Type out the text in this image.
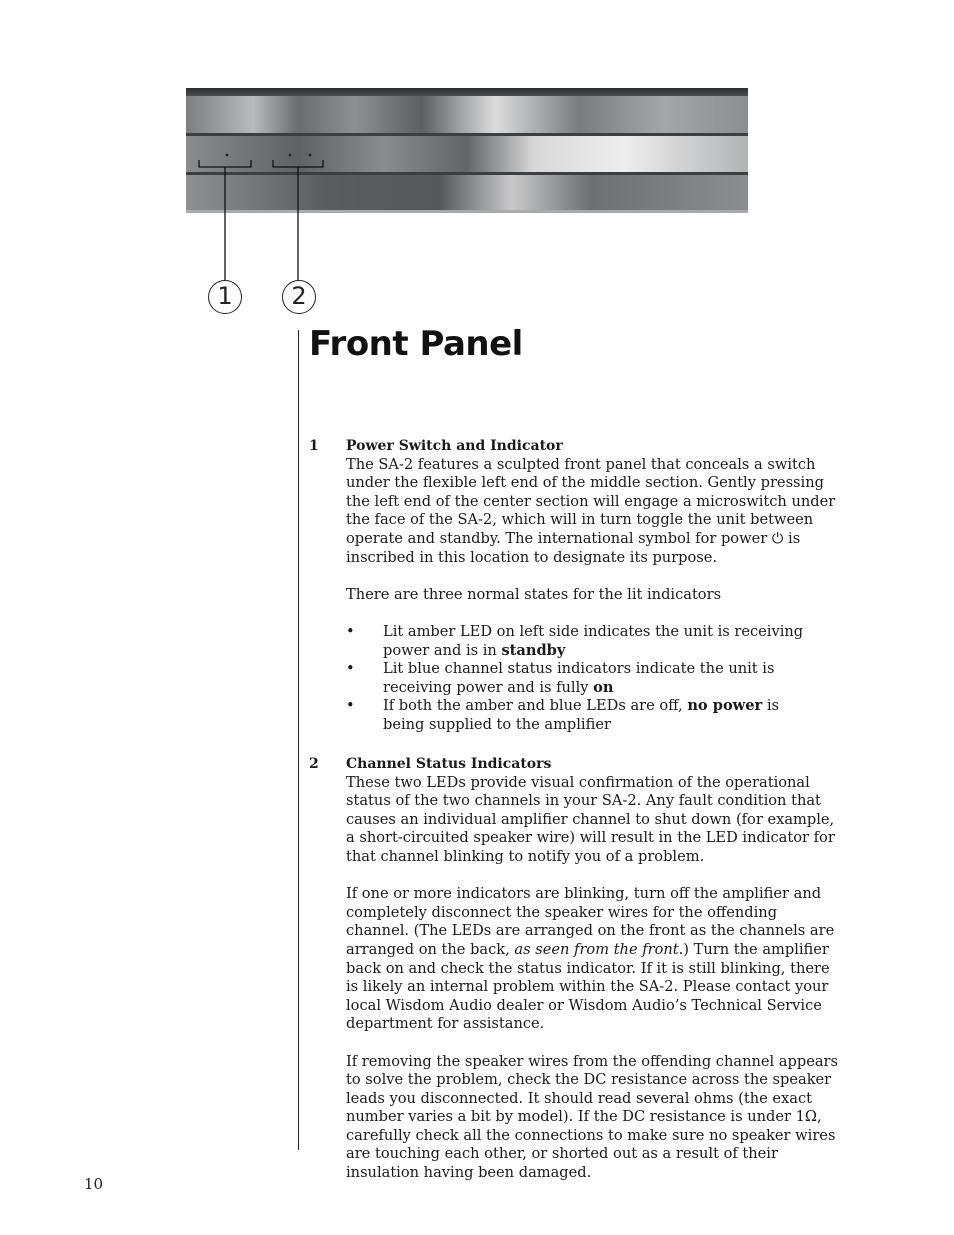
1	2
Front Panel
1 Power Switch and Indicator

The SA-2 features a sculpted front panel that conceals a switch under the flexible left end of the middle section. Gently pressing the left end of the center section will engage a microswitch under the face of the SA-2, which will in turn toggle the unit between operate and standby. The international symbol for power ⏻ is inscribed in this location to designate its purpose.

There are three normal states for the lit indicators

• Lit amber LED on left side indicates the unit is receiving power and is in standby
• Lit blue channel status indicators indicate the unit is receiving power and is fully on
• If both the amber and blue LEDs are off, no power is being supplied to the amplifier
2 Channel Status Indicators

These two LEDs provide visual confirmation of the operational status of the two channels in your SA-2. Any fault condition that causes an individual amplifier channel to shut down (for example, a short-circuited speaker wire) will result in the LED indicator for that channel blinking to notify you of a problem.

If one or more indicators are blinking, turn off the amplifier and completely disconnect the speaker wires for the offending channel. (The LEDs are arranged on the front as the channels are arranged on the back, as seen from the front.) Turn the amplifier back on and check the status indicator. If it is still blinking, there is likely an internal problem within the SA-2. Please contact your local Wisdom Audio dealer or Wisdom Audio’s Technical Service department for assistance.

If removing the speaker wires from the offending channel appears to solve the problem, check the DC resistance across the speaker leads you disconnected. It should read several ohms (the exact number varies a bit by model). If the DC resistance is under 1Ω, carefully check all the connections to make sure no speaker wires are touching each other, or shorted out as a result of their insulation having been damaged.

10
